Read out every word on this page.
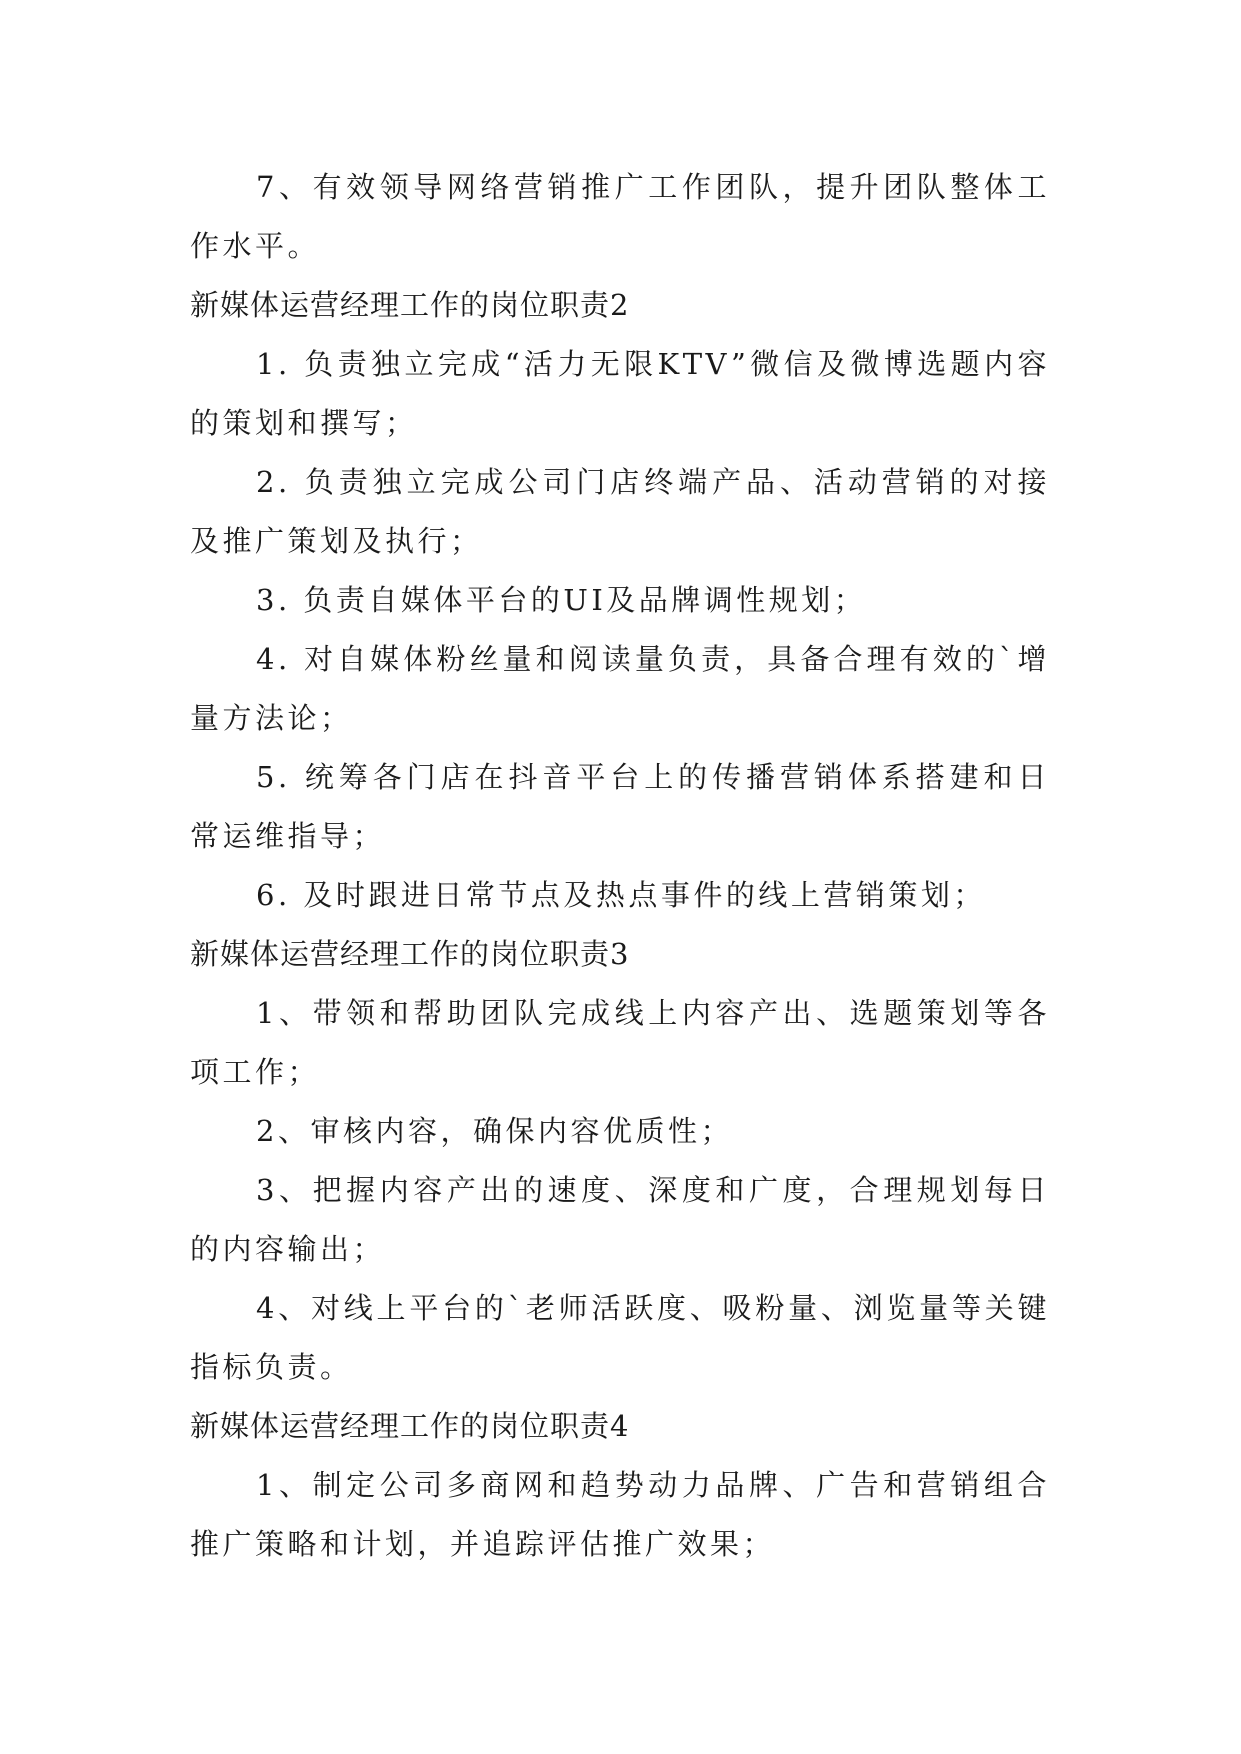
7、有效领导网络营销推广工作团队，提升团队整体工作水平。

新媒体运营经理工作的岗位职责2

1. 负责独立完成“活力无限KTV”微信及微博选题内容的策划和撰写；

2. 负责独立完成公司门店终端产品、活动营销的对接及推广策划及执行；

3. 负责自媒体平台的UI及品牌调性规划；

4. 对自媒体粉丝量和阅读量负责，具备合理有效的`增量方法论；

5. 统筹各门店在抖音平台上的传播营销体系搭建和日常运维指导；

6. 及时跟进日常节点及热点事件的线上营销策划；

新媒体运营经理工作的岗位职责3

1、带领和帮助团队完成线上内容产出、选题策划等各项工作；

2、审核内容，确保内容优质性；

3、把握内容产出的速度、深度和广度，合理规划每日的内容输出；

4、对线上平台的`老师活跃度、吸粉量、浏览量等关键指标负责。

新媒体运营经理工作的岗位职责4

1、制定公司多商网和趋势动力品牌、广告和营销组合推广策略和计划，并追踪评估推广效果；
